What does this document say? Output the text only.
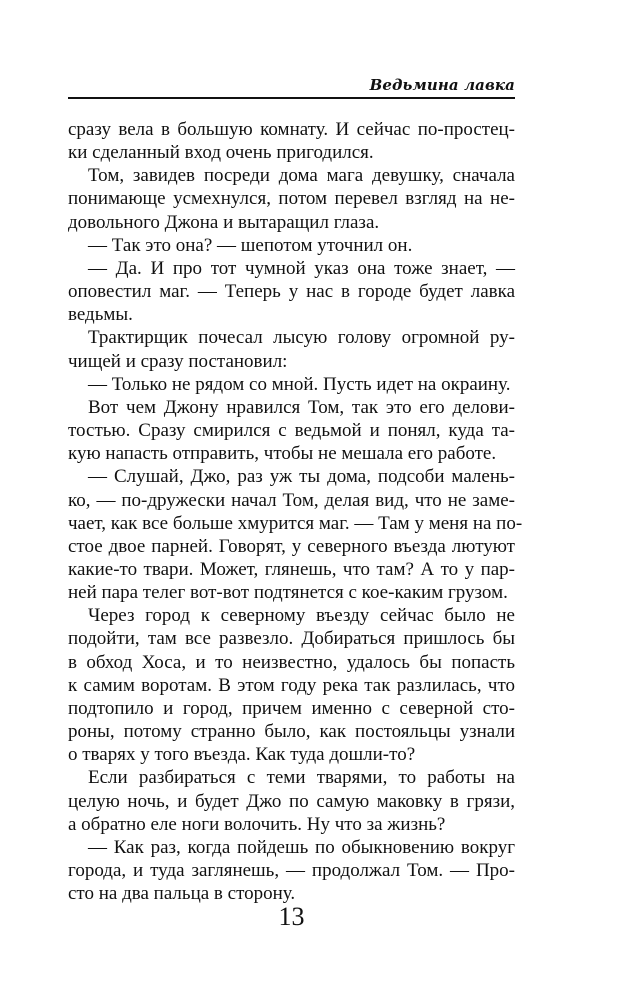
Ведьмина лавка
сразу вела в большую комнату. И сейчас по-простец-
ки сделанный вход очень пригодился.
Том, завидев посреди дома мага девушку, сначала
понимающе усмехнулся, потом перевел взгляд на не-
довольного Джона и вытаращил глаза.
— Так это она? — шепотом уточнил он.
— Да. И про тот чумной указ она тоже знает, —
оповестил маг. — Теперь у нас в городе будет лавка
ведьмы.
Трактирщик почесал лысую голову огромной ру-
чищей и сразу постановил:
— Только не рядом со мной. Пусть идет на окраину.
Вот чем Джону нравился Том, так это его делови-
тостью. Сразу смирился с ведьмой и понял, куда та-
кую напасть отправить, чтобы не мешала его работе.
— Слушай, Джо, раз уж ты дома, подсоби малень-
ко, — по-дружески начал Том, делая вид, что не заме-
чает, как все больше хмурится маг. — Там у меня на по-
стое двое парней. Говорят, у северного въезда лютуют
какие-то твари. Может, глянешь, что там? А то у пар-
ней пара телег вот-вот подтянется с кое-каким грузом.
Через город к северному въезду сейчас было не
подойти, там все развезло. Добираться пришлось бы
в обход Хоса, и то неизвестно, удалось бы попасть
к самим воротам. В этом году река так разлилась, что
подтопило и город, причем именно с северной сто-
роны, потому странно было, как постояльцы узнали
о тварях у того въезда. Как туда дошли-то?
Если разбираться с теми тварями, то работы на
целую ночь, и будет Джо по самую маковку в грязи,
а обратно еле ноги волочить. Ну что за жизнь?
— Как раз, когда пойдешь по обыкновению вокруг
города, и туда заглянешь, — продолжал Том. — Про-
сто на два пальца в сторону.
13
